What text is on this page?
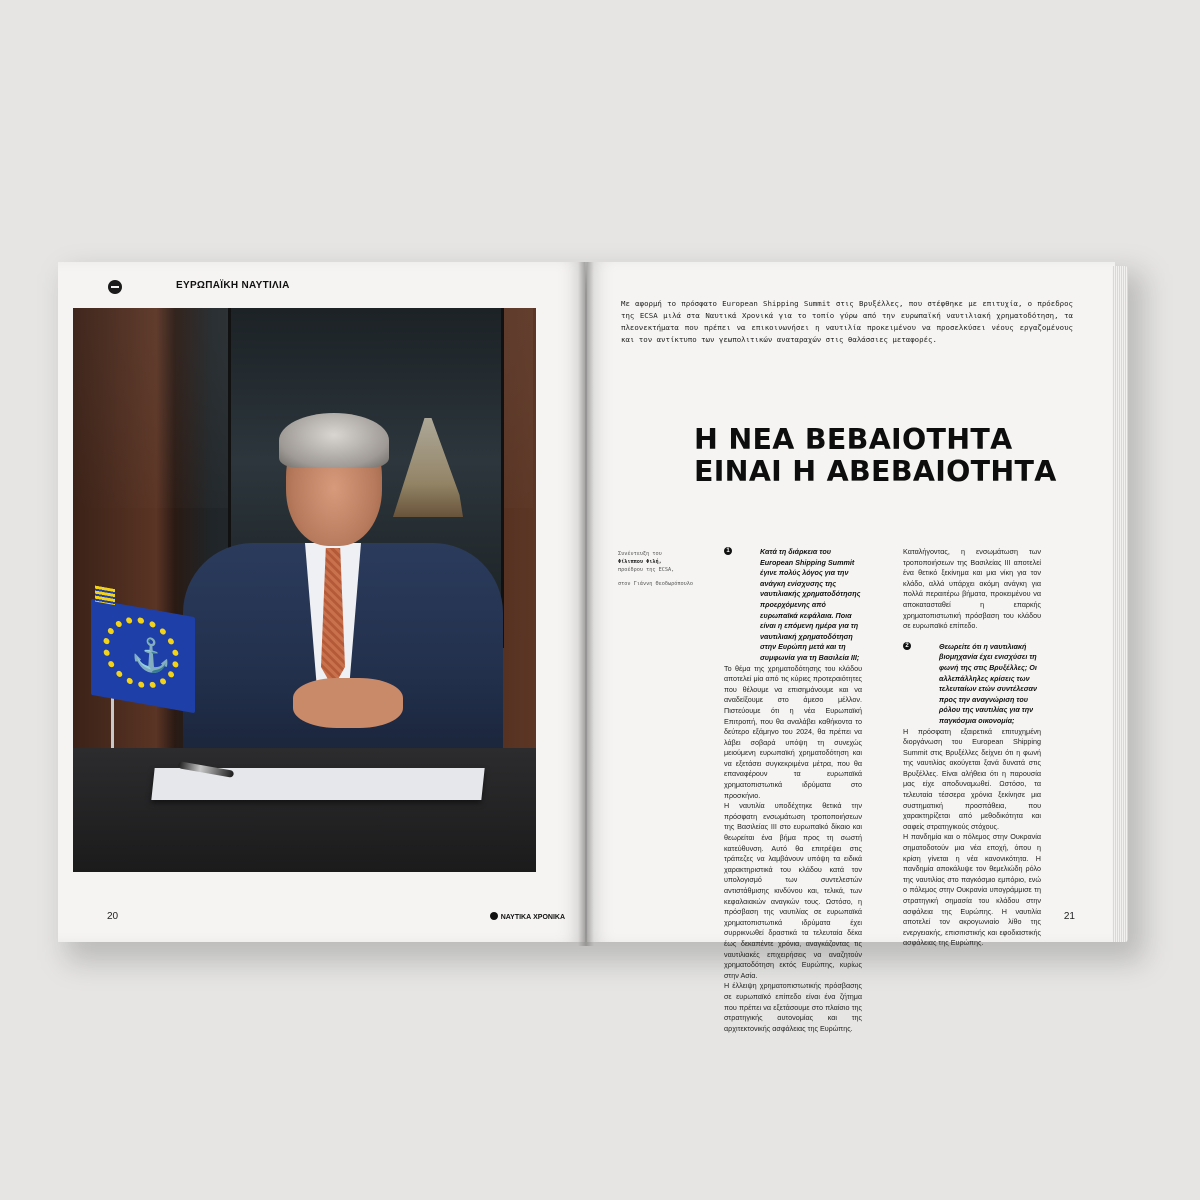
ΕΥΡΩΠΑΪΚΗ ΝΑΥΤΙΛΙΑ
⚓
20	ΝΑΥΤΙΚΑ ΧΡΟΝΙΚΑ
Με αφορμή το πρόσφατο European Shipping Summit στις Βρυξέλλες, που στέφθηκε με επιτυχία, ο πρόεδρος της ECSA μιλά στα Ναυτικά Χρονικά για το τοπίο γύρω από την ευρωπαϊκή ναυτιλιακή χρηματοδότηση, τα πλεονεκτήματα που πρέπει να επικοινωνήσει η ναυτιλία προκειμένου να προσελκύσει νέους εργαζομένους και τον αντίκτυπο των γεωπολιτικών αναταραχών στις θαλάσσιες μεταφορές.
Η ΝΕΑ ΒΕΒΑΙΟΤΗΤΑ
ΕΙΝΑΙ Η ΑΒΕΒΑΙΟΤΗΤΑ
Συνέντευξη του
Φίλιππου Φιλή,
προέδρου της ECSA,
στον Γιάννη Θεοδωρόπουλο
1	Κατά τη διάρκεια του European Shipping Summit έγινε πολύς λόγος για την ανάγκη ενίσχυσης της ναυτιλιακής χρηματοδότησης προερχόμενης από ευρωπαϊκά κεφάλαια. Ποια είναι η επόμενη ημέρα για τη ναυτιλιακή χρηματοδότηση στην Ευρώπη μετά και τη συμφωνία για τη Βασιλεία III;

Το θέμα της χρηματοδότησης του κλάδου αποτελεί μία από τις κύριες προτεραιότητες που θέλουμε να επισημάνουμε και να αναδείξουμε στο άμεσο μέλλον. Πιστεύουμε ότι η νέα Ευρωπαϊκή Επιτροπή, που θα αναλάβει καθήκοντα το δεύτερο εξάμηνο του 2024, θα πρέπει να λάβει σοβαρά υπόψη τη συνεχώς μειούμενη ευρωπαϊκή χρηματοδότηση και να εξετάσει συγκεκριμένα μέτρα, που θα επαναφέρουν τα ευρωπαϊκά χρηματοπιστωτικά ιδρύματα στο προσκήνιο.

Η ναυτιλία υποδέχτηκε θετικά την πρόσφατη ενσωμάτωση τροποποιήσεων της Βασιλείας III στο ευρωπαϊκό δίκαιο και θεωρείται ένα βήμα προς τη σωστή κατεύθυνση. Αυτό θα επιτρέψει στις τράπεζες να λαμβάνουν υπόψη τα ειδικά χαρακτηριστικά του κλάδου κατά τον υπολογισμό των συντελεστών αντιστάθμισης κινδύνου και, τελικά, των κεφαλαιακών αναγκών τους. Ωστόσο, η πρόσβαση της ναυτιλίας σε ευρωπαϊκά χρηματοπιστωτικά ιδρύματα έχει συρρικνωθεί δραστικά τα τελευταία δέκα έως δεκαπέντε χρόνια, αναγκάζοντας τις ναυτιλιακές επιχειρήσεις να αναζητούν χρηματοδότηση εκτός Ευρώπης, κυρίως στην Ασία.

Η έλλειψη χρηματοπιστωτικής πρόσβασης σε ευρωπαϊκό επίπεδο είναι ένα ζήτημα που πρέπει να εξετάσουμε στο πλαίσιο της στρατηγικής αυτονομίας και της αρχιτεκτονικής ασφάλειας της Ευρώπης.

Καταλήγοντας, η ενσωμάτωση των τροποποιήσεων της Βασιλείας III αποτελεί ένα θετικό ξεκίνημα και μια νίκη για τον κλάδο, αλλά υπάρχει ακόμη ανάγκη για πολλά περαιτέρω βήματα, προκειμένου να αποκατασταθεί η επαρκής χρηματοπιστωτική πρόσβαση του κλάδου σε ευρωπαϊκό επίπεδο.

2	Θεωρείτε ότι η ναυτιλιακή βιομηχανία έχει ενισχύσει τη φωνή της στις Βρυξέλλες; Οι αλλεπάλληλες κρίσεις των τελευταίων ετών συντέλεσαν προς την αναγνώριση του ρόλου της ναυτιλίας για την παγκόσμια οικονομία;

Η πρόσφατη εξαιρετικά επιτυχημένη διοργάνωση του European Shipping Summit στις Βρυξέλλες δείχνει ότι η φωνή της ναυτιλίας ακούγεται ξανά δυνατά στις Βρυξέλλες. Είναι αλήθεια ότι η παρουσία μας είχε αποδυναμωθεί. Ωστόσο, τα τελευταία τέσσερα χρόνια ξεκίνησε μια συστηματική προσπάθεια, που χαρακτηρίζεται από μεθοδικότητα και σαφείς στρατηγικούς στόχους.

Η πανδημία και ο πόλεμος στην Ουκρανία σηματοδοτούν μια νέα εποχή, όπου η κρίση γίνεται η νέα κανονικότητα. Η πανδημία αποκάλυψε τον θεμελιώδη ρόλο της ναυτιλίας στο παγκόσμιο εμπόριο, ενώ ο πόλεμος στην Ουκρανία υπογράμμισε τη στρατηγική σημασία του κλάδου στην ασφάλεια της Ευρώπης. Η ναυτιλία αποτελεί τον ακρογωνιαίο λίθο της ενεργειακής, επισιτιστικής και εφοδιαστικής ασφάλειας της Ευρώπης.

21
